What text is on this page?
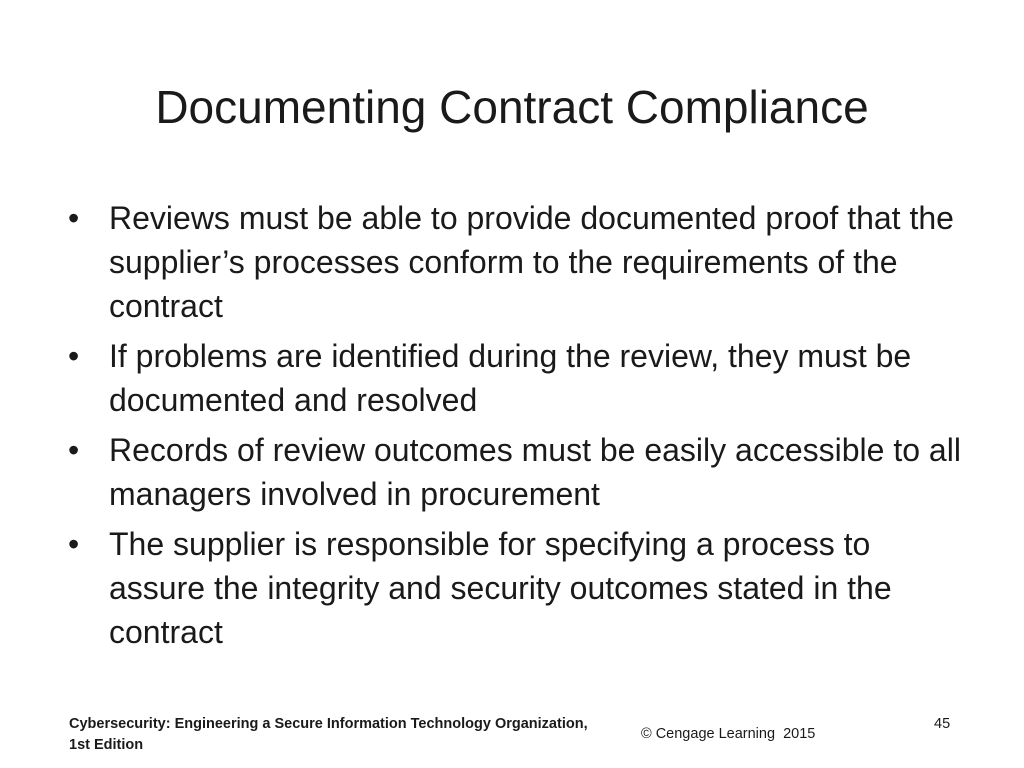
Documenting Contract Compliance
• Reviews must be able to provide documented proof that the supplier’s processes conform to the requirements of the contract
• If problems are identified during the review, they must be documented and resolved
• Records of review outcomes must be easily accessible to all managers involved in procurement
• The supplier is responsible for specifying a process to assure the integrity and security outcomes stated in the contract
Cybersecurity: Engineering a Secure Information Technology Organization, 1st Edition
© Cengage Learning  2015
45
